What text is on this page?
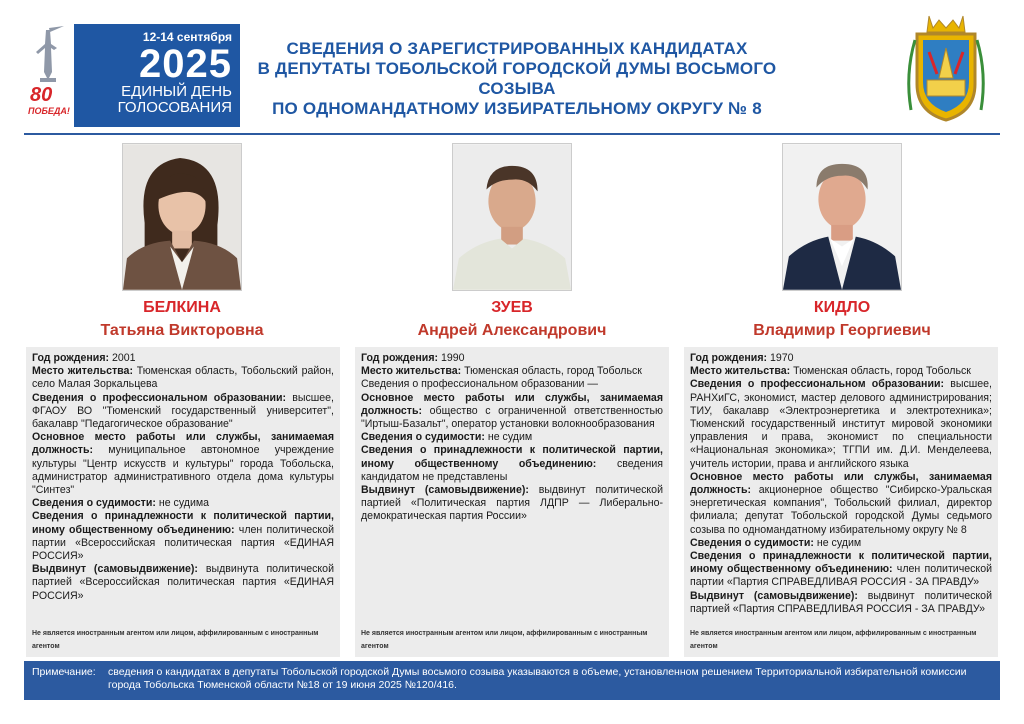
80
ПОБЕДА!
12-14 сентября
2025
ЕДИНЫЙ ДЕНЬ
ГОЛОСОВАНИЯ
СВЕДЕНИЯ О ЗАРЕГИСТРИРОВАННЫХ КАНДИДАТАХ
В ДЕПУТАТЫ ТОБОЛЬСКОЙ ГОРОДСКОЙ ДУМЫ ВОСЬМОГО СОЗЫВА
ПО ОДНОМАНДАТНОМУ ИЗБИРАТЕЛЬНОМУ ОКРУГУ № 8
БЕЛКИНА
Татьяна Викторовна
ЗУЕВ
Андрей Александрович
КИДЛО
Владимир Георгиевич

Год рождения: 2001

Место жительства: Тюменская область, Тобольский район, село Малая Зоркальцева

Сведения о профессиональном образовании: высшее, ФГАОУ ВО "Тюменский государственный университет", бакалавр "Педагогическое образование"

Основное место работы или службы, занимаемая должность: муниципальное автономное учреждение культуры "Центр искусств и культуры" города Тобольска, администратор административного отдела дома культуры "Синтез"

Сведения о судимости: не судима

Сведения о принадлежности к политической партии, иному общественному объединению: член политической партии «Всероссийская политическая партия «ЕДИНАЯ РОССИЯ»

Выдвинут (самовыдвижение): выдвинута политической партией «Всероссийская политическая партия «ЕДИНАЯ РОССИЯ»

Не является иностранным агентом или лицом, аффилированным с иностранным агентом

Год рождения: 1990

Место жительства: Тюменская область, город Тобольск

Сведения о профессиональном образовании —

Основное место работы или службы, занимаемая должность: общество с ограниченной ответственностью "Иртыш-Базальт", оператор установки волокнообразования

Сведения о судимости: не судим

Сведения о принадлежности к политической партии, иному общественному объединению: сведения кандидатом не представлены

Выдвинут (самовыдвижение): выдвинут политической партией «Политическая партия ЛДПР — Либерально-демократическая партия России»

Не является иностранным агентом или лицом, аффилированным с иностранным агентом

Год рождения: 1970

Место жительства: Тюменская область, город Тобольск

Сведения о профессиональном образовании: высшее, РАНХиГС, экономист, мастер делового администрирования; ТИУ, бакалавр «Электроэнергетика и электротехника»; Тюменский государственный институт мировой экономики управления и права, экономист по специальности «Национальная экономика»; ТГПИ им. Д.И. Менделеева, учитель истории, права и английского языка

Основное место работы или службы, занимаемая должность: акционерное общество "Сибирско-Уральская энергетическая компания", Тобольский филиал, директор филиала; депутат Тобольской городской Думы седьмого созыва по одномандатному избирательному округу № 8

Сведения о судимости: не судим

Сведения о принадлежности к политической партии, иному общественному объединению: член политической партии «Партия СПРАВЕДЛИВАЯ РОССИЯ - ЗА ПРАВДУ»

Выдвинут (самовыдвижение): выдвинут политической партией «Партия СПРАВЕДЛИВАЯ РОССИЯ - ЗА ПРАВДУ»

Не является иностранным агентом или лицом, аффилированным с иностранным агентом
Примечание: сведения о кандидатах в депутаты Тобольской городской Думы восьмого созыва указываются в объеме, установленном решением Территориальной избирательной комиссии города Тобольска Тюменской области №18 от 19 июня 2025 №120/416.
